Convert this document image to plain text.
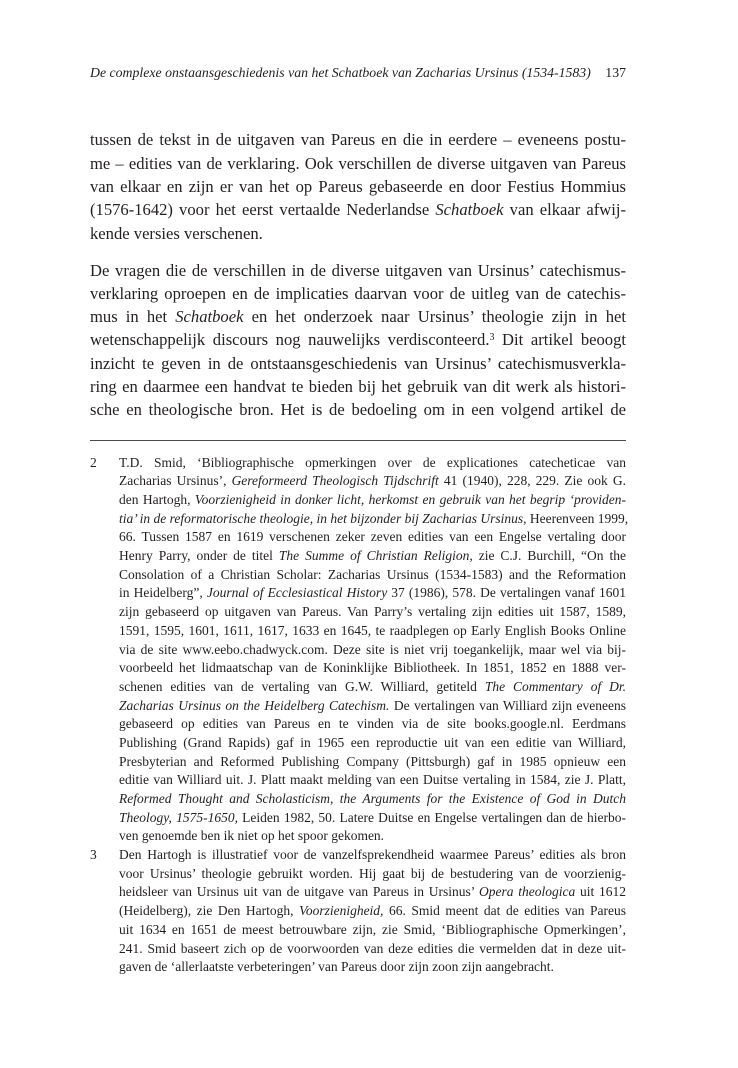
De complexe onstaansgeschiedenis van het Schatboek van Zacharias Ursinus (1534-1583) 137
tussen de tekst in de uitgaven van Pareus en die in eerdere – eveneens postu-
me – edities van de verklaring. Ook verschillen de diverse uitgaven van Pareus
van elkaar en zijn er van het op Pareus gebaseerde en door Festius Hommius
(1576-1642) voor het eerst vertaalde Nederlandse Schatboek van elkaar afwij-
kende versies verschenen.
De vragen die de verschillen in de diverse uitgaven van Ursinus’ catechismus-
verklaring oproepen en de implicaties daarvan voor de uitleg van de catechis-
mus in het Schatboek en het onderzoek naar Ursinus’ theologie zijn in het
wetenschappelijk discours nog nauwelijks verdisconteerd.$^3$ Dit artikel beoogt
inzicht te geven in de ontstaansgeschiedenis van Ursinus’ catechismusverkla-
ring en daarmee een handvat te bieden bij het gebruik van dit werk als histori-
sche en theologische bron. Het is de bedoeling om in een volgend artikel de
2 T.D. Smid, ‘Bibliographische opmerkingen over de explicationes catecheticae van
Zacharias Ursinus’, Gereformeerd Theologisch Tijdschrift 41 (1940), 228, 229. Zie ook G.
den Hartogh, Voorzienigheid in donker licht, herkomst en gebruik van het begrip ‘providen-
tia’ in de reformatorische theologie, in het bijzonder bij Zacharias Ursinus, Heerenveen 1999,
66. Tussen 1587 en 1619 verschenen zeker zeven edities van een Engelse vertaling door
Henry Parry, onder de titel The Summe of Christian Religion, zie C.J. Burchill, “On the
Consolation of a Christian Scholar: Zacharias Ursinus (1534-1583) and the Reformation
in Heidelberg”, Journal of Ecclesiastical History 37 (1986), 578. De vertalingen vanaf 1601
zijn gebaseerd op uitgaven van Pareus. Van Parry’s vertaling zijn edities uit 1587, 1589,
1591, 1595, 1601, 1611, 1617, 1633 en 1645, te raadplegen op Early English Books Online
via de site www.eebo.chadwyck.com. Deze site is niet vrij toegankelijk, maar wel via bij-
voorbeeld het lidmaatschap van de Koninklijke Bibliotheek. In 1851, 1852 en 1888 ver-
schenen edities van de vertaling van G.W. Williard, getiteld The Commentary of Dr.
Zacharias Ursinus on the Heidelberg Catechism. De vertalingen van Williard zijn eveneens
gebaseerd op edities van Pareus en te vinden via de site books.google.nl. Eerdmans
Publishing (Grand Rapids) gaf in 1965 een reproductie uit van een editie van Williard,
Presbyterian and Reformed Publishing Company (Pittsburgh) gaf in 1985 opnieuw een
editie van Williard uit. J. Platt maakt melding van een Duitse vertaling in 1584, zie J. Platt,
Reformed Thought and Scholasticism, the Arguments for the Existence of God in Dutch
Theology, 1575-1650, Leiden 1982, 50. Latere Duitse en Engelse vertalingen dan de hierbo-
ven genoemde ben ik niet op het spoor gekomen.
3 Den Hartogh is illustratief voor de vanzelfsprekendheid waarmee Pareus’ edities als bron
voor Ursinus’ theologie gebruikt worden. Hij gaat bij de bestudering van de voorzienig-
heidsleer van Ursinus uit van de uitgave van Pareus in Ursinus’ Opera theologica uit 1612
(Heidelberg), zie Den Hartogh, Voorzienigheid, 66. Smid meent dat de edities van Pareus
uit 1634 en 1651 de meest betrouwbare zijn, zie Smid, ‘Bibliographische Opmerkingen’,
241. Smid baseert zich op de voorwoorden van deze edities die vermelden dat in deze uit-
gaven de ‘allerlaatste verbeteringen’ van Pareus door zijn zoon zijn aangebracht.
